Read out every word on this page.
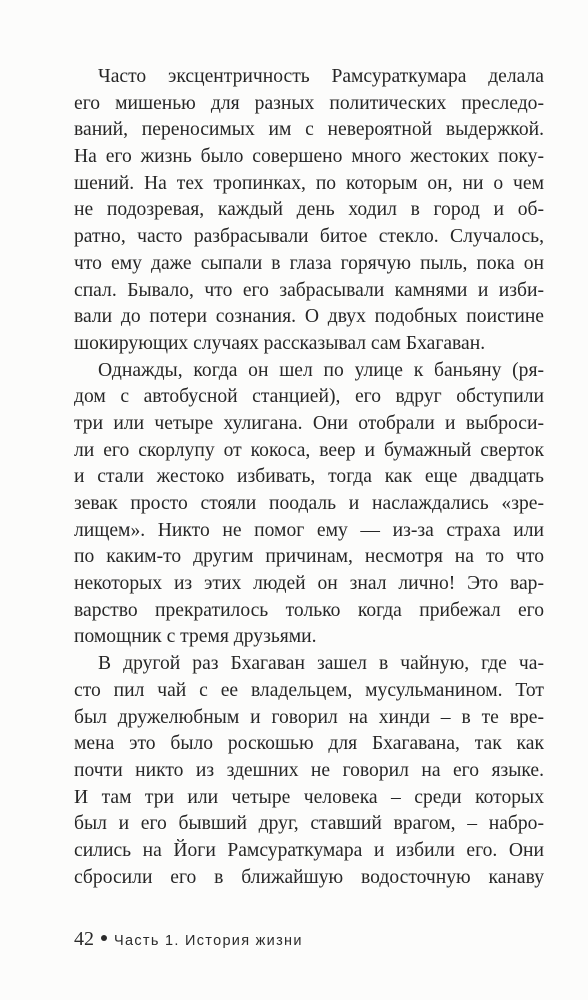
Часто эксцентричность Рамсураткумара делала
его мишенью для разных политических преследо-
ваний, переносимых им с невероятной выдержкой.
На его жизнь было совершено много жестоких поку-
шений. На тех тропинках, по которым он, ни о чем
не подозревая, каждый день ходил в город и об-
ратно, часто разбрасывали битое стекло. Случалось,
что ему даже сыпали в глаза горячую пыль, пока он
спал. Бывало, что его забрасывали камнями и изби-
вали до потери сознания. О двух подобных поистине
шокирующих случаях рассказывал сам Бхагаван.
Однажды, когда он шел по улице к баньяну (ря-
дом с автобусной станцией), его вдруг обступили
три или четыре хулигана. Они отобрали и выброси-
ли его скорлупу от кокоса, веер и бумажный сверток
и стали жестоко избивать, тогда как еще двадцать
зевак просто стояли поодаль и наслаждались «зре-
лищем». Никто не помог ему — из-за страха или
по каким-то другим причинам, несмотря на то что
некоторых из этих людей он знал лично! Это вар-
варство прекратилось только когда прибежал его
помощник с тремя друзьями.
В другой раз Бхагаван зашел в чайную, где ча-
сто пил чай с ее владельцем, мусульманином. Тот
был дружелюбным и говорил на хинди – в те вре-
мена это было роскошью для Бхагавана, так как
почти никто из здешних не говорил на его языке.
И там три или четыре человека – среди которых
был и его бывший друг, ставший врагом, – набро-
сились на Йоги Рамсураткумара и избили его. Они
сбросили его в ближайшую водосточную канаву
42 Часть 1. История жизни
